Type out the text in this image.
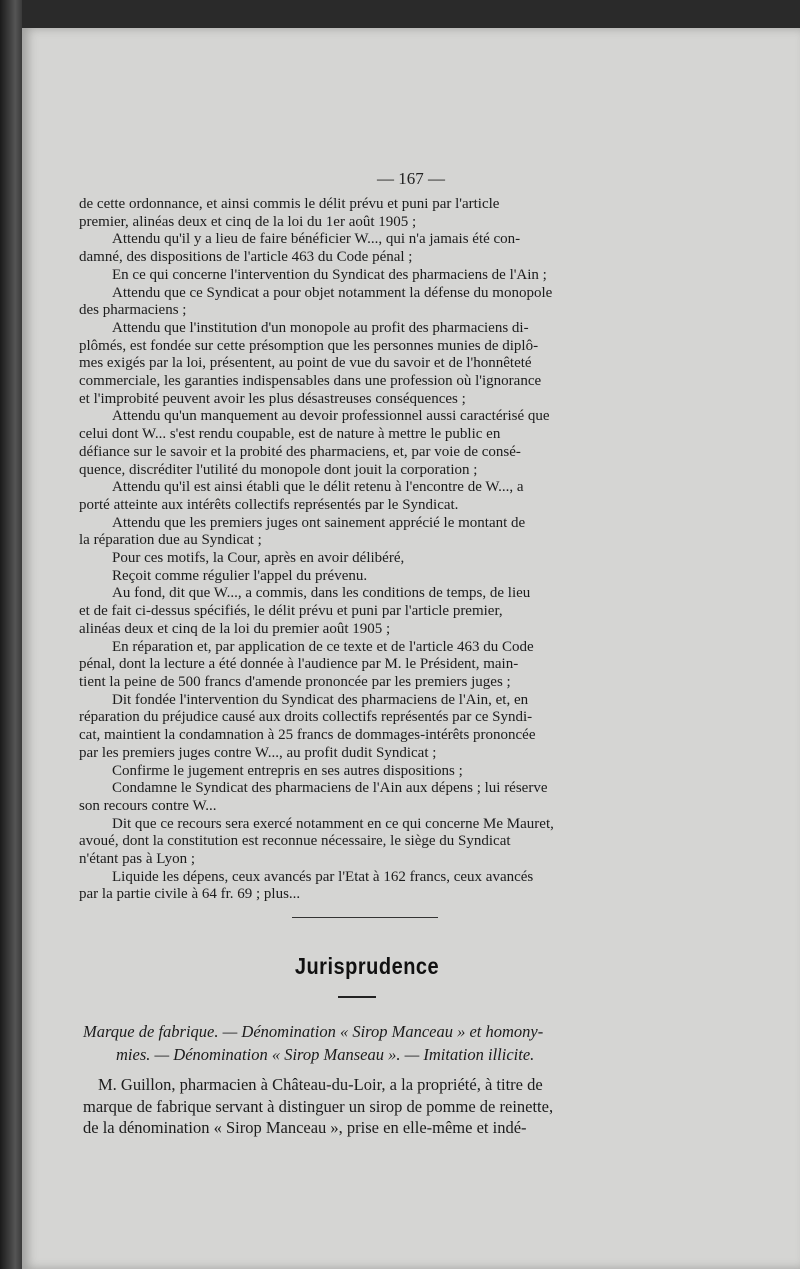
— 167 —

de cette ordonnance, et ainsi commis le délit prévu et puni par l'article

premier, alinéas deux et cinq de la loi du 1er août 1905 ;

Attendu qu'il y a lieu de faire bénéficier W..., qui n'a jamais été con-

damné, des dispositions de l'article 463 du Code pénal ;

En ce qui concerne l'intervention du Syndicat des pharmaciens de l'Ain ;

Attendu que ce Syndicat a pour objet notamment la défense du monopole

des pharmaciens ;

Attendu que l'institution d'un monopole au profit des pharmaciens di-

plômés, est fondée sur cette présomption que les personnes munies de diplô-

mes exigés par la loi, présentent, au point de vue du savoir et de l'honnêteté

commerciale, les garanties indispensables dans une profession où l'ignorance

et l'improbité peuvent avoir les plus désastreuses conséquences ;

Attendu qu'un manquement au devoir professionnel aussi caractérisé que

celui dont W... s'est rendu coupable, est de nature à mettre le public en

défiance sur le savoir et la probité des pharmaciens, et, par voie de consé-

quence, discréditer l'utilité du monopole dont jouit la corporation ;

Attendu qu'il est ainsi établi que le délit retenu à l'encontre de W..., a

porté atteinte aux intérêts collectifs représentés par le Syndicat.

Attendu que les premiers juges ont sainement apprécié le montant de

la réparation due au Syndicat ;

Pour ces motifs, la Cour, après en avoir délibéré,

Reçoit comme régulier l'appel du prévenu.

Au fond, dit que W..., a commis, dans les conditions de temps, de lieu

et de fait ci-dessus spécifiés, le délit prévu et puni par l'article premier,

alinéas deux et cinq de la loi du premier août 1905 ;

En réparation et, par application de ce texte et de l'article 463 du Code

pénal, dont la lecture a été donnée à l'audience par M. le Président, main-

tient la peine de 500 francs d'amende prononcée par les premiers juges ;

Dit fondée l'intervention du Syndicat des pharmaciens de l'Ain, et, en

réparation du préjudice causé aux droits collectifs représentés par ce Syndi-

cat, maintient la condamnation à 25 francs de dommages-intérêts prononcée

par les premiers juges contre W..., au profit dudit Syndicat ;

Confirme le jugement entrepris en ses autres dispositions ;

Condamne le Syndicat des pharmaciens de l'Ain aux dépens ; lui réserve

son recours contre W...

Dit que ce recours sera exercé notamment en ce qui concerne Me Mauret,

avoué, dont la constitution est reconnue nécessaire, le siège du Syndicat

n'étant pas à Lyon ;

Liquide les dépens, ceux avancés par l'Etat à 162 francs, ceux avancés

par la partie civile à 64 fr. 69 ; plus...

Jurisprudence

Marque de fabrique. — Dénomination « Sirop Manceau » et homony-

mies. — Dénomination « Sirop Mansеau ». — Imitation illicite.

M. Guillon, pharmacien à Château-du-Loir, a la propriété, à titre de

marque de fabrique servant à distinguer un sirop de pomme de reinette,

de la dénomination « Sirop Manceau », prise en elle-même et indé-
